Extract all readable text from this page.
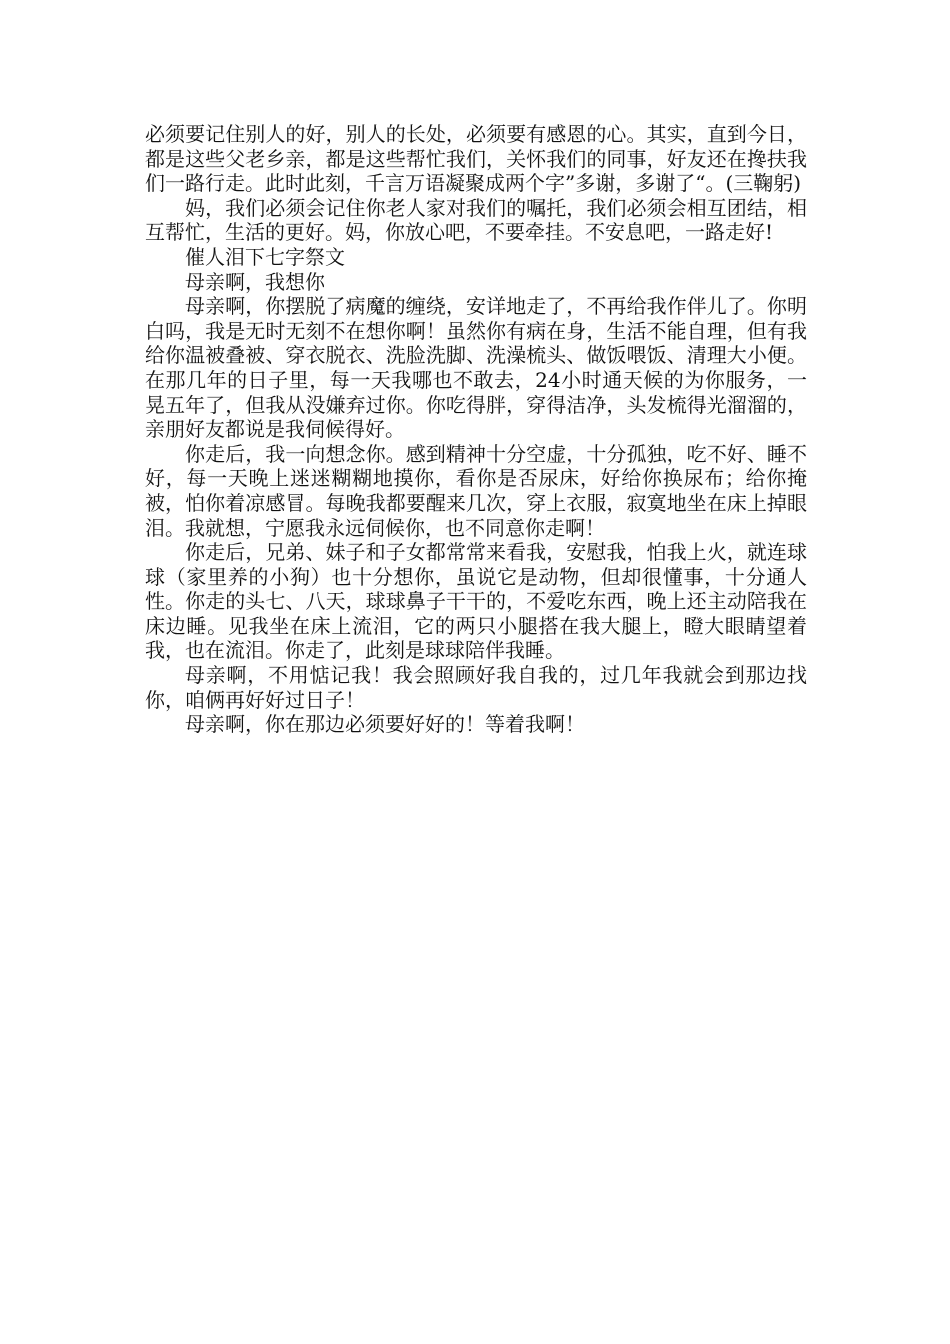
必须要记住别人的好，别人的长处，必须要有感恩的心。其实，直到今日，都是这些父老乡亲，都是这些帮忙我们，关怀我们的同事，好友还在搀扶我们一路行走。此时此刻，千言万语凝聚成两个字”多谢，多谢了“。(三鞠躬)

妈，我们必须会记住你老人家对我们的嘱托，我们必须会相互团结，相互帮忙，生活的更好。妈，你放心吧，不要牵挂。不安息吧，一路走好!

催人泪下七字祭文

母亲啊，我想你

母亲啊，你摆脱了病魔的缠绕，安详地走了，不再给我作伴儿了。你明白吗，我是无时无刻不在想你啊！虽然你有病在身，生活不能自理，但有我给你温被叠被、穿衣脱衣、洗脸洗脚、洗澡梳头、做饭喂饭、清理大小便。在那几年的日子里，每一天我哪也不敢去，24小时通天候的为你服务，一晃五年了，但我从没嫌弃过你。你吃得胖，穿得洁净，头发梳得光溜溜的，亲朋好友都说是我伺候得好。

你走后，我一向想念你。感到精神十分空虚，十分孤独，吃不好、睡不好，每一天晚上迷迷糊糊地摸你，看你是否尿床，好给你换尿布；给你掩被，怕你着凉感冒。每晚我都要醒来几次，穿上衣服，寂寞地坐在床上掉眼泪。我就想，宁愿我永远伺候你，也不同意你走啊！

你走后，兄弟、妹子和子女都常常来看我，安慰我，怕我上火，就连球球（家里养的小狗）也十分想你，虽说它是动物，但却很懂事，十分通人性。你走的头七、八天，球球鼻子干干的，不爱吃东西，晚上还主动陪我在床边睡。见我坐在床上流泪，它的两只小腿搭在我大腿上，瞪大眼睛望着我，也在流泪。你走了，此刻是球球陪伴我睡。

母亲啊，不用惦记我！我会照顾好我自我的，过几年我就会到那边找你，咱俩再好好过日子！

母亲啊，你在那边必须要好好的！等着我啊！
